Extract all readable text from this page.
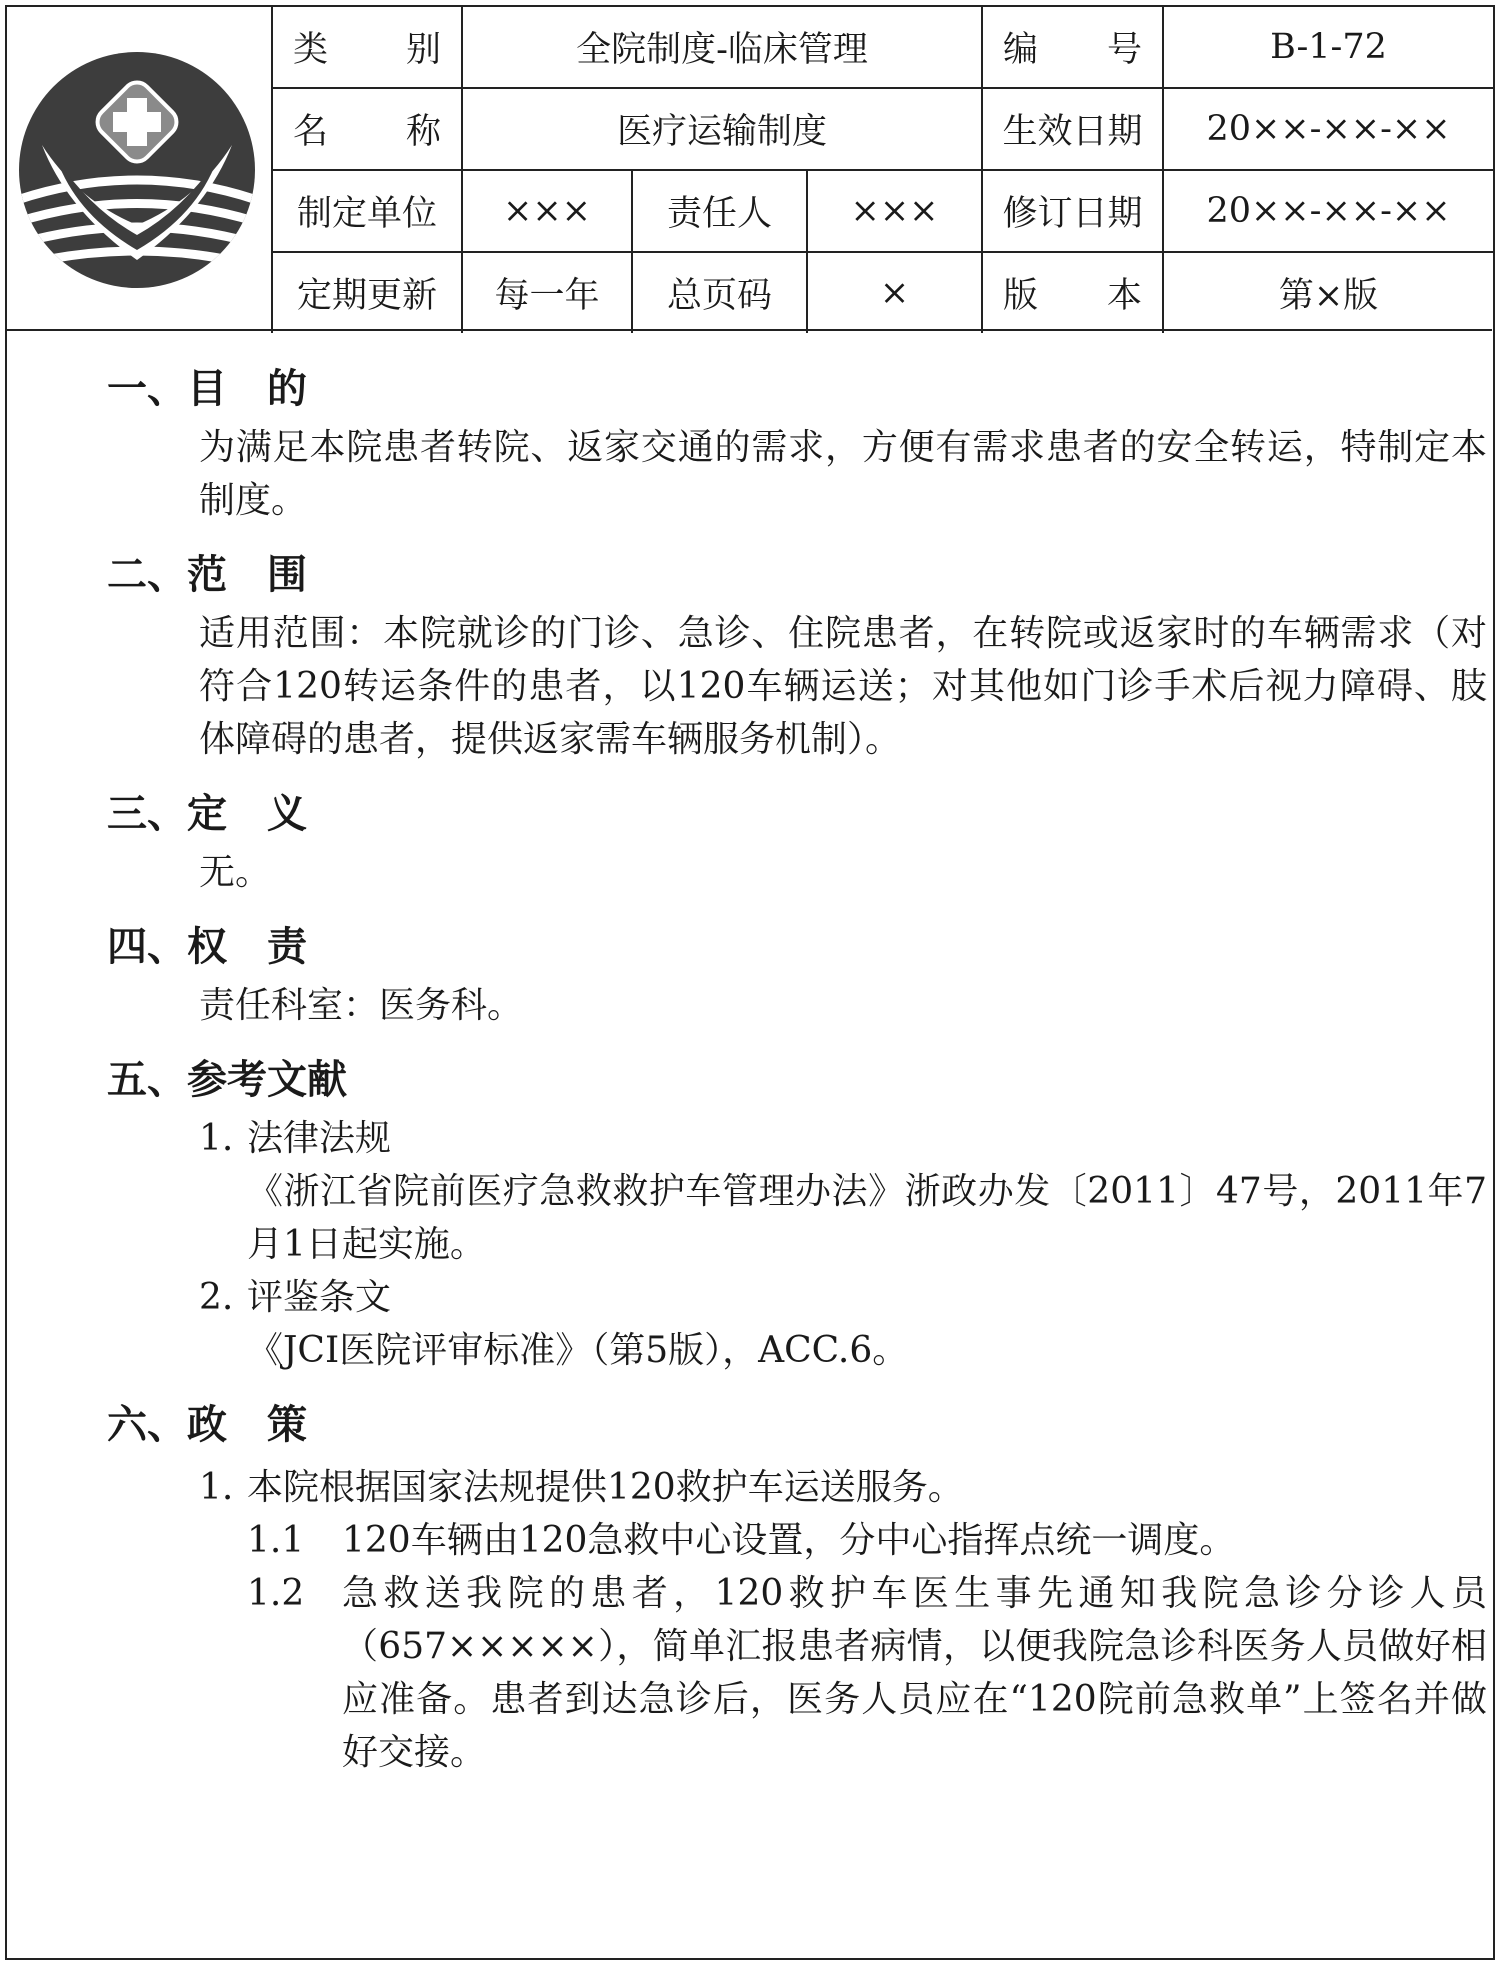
类别	全院制度-临床管理			编号	B-1-72
名称	医疗运输制度			生效日期	20××-××-××
制定单位	×××	责任人	×××	修订日期	20××-××-××
定期更新	每一年	总页码	×	版本	第×版
一、目　的
为满足本院患者转院、返家交通的需求，方便有需求患者的安全转运，特制定本制度。
二、范　围
适用范围：本院就诊的门诊、急诊、住院患者，在转院或返家时的车辆需求（对符合120转运条件的患者，以120车辆运送；对其他如门诊手术后视力障碍、肢体障碍的患者，提供返家需车辆服务机制）。
三、定　义
无。
四、权　责
责任科室：医务科。
五、参考文献
1. 法律法规
《浙江省院前医疗急救救护车管理办法》浙政办发〔2011〕47号，2011年7月1日起实施。
2. 评鉴条文
《JCI医院评审标准》（第5版），ACC.6。
六、政　策
1. 本院根据国家法规提供120救护车运送服务。
1.1 120车辆由120急救中心设置，分中心指挥点统一调度。
1.2 急救送我院的患者，120救护车医生事先通知我院急诊分诊人员（657×××××），简单汇报患者病情，以便我院急诊科医务人员做好相应准备。患者到达急诊后，医务人员应在“120院前急救单”上签名并做好交接。
